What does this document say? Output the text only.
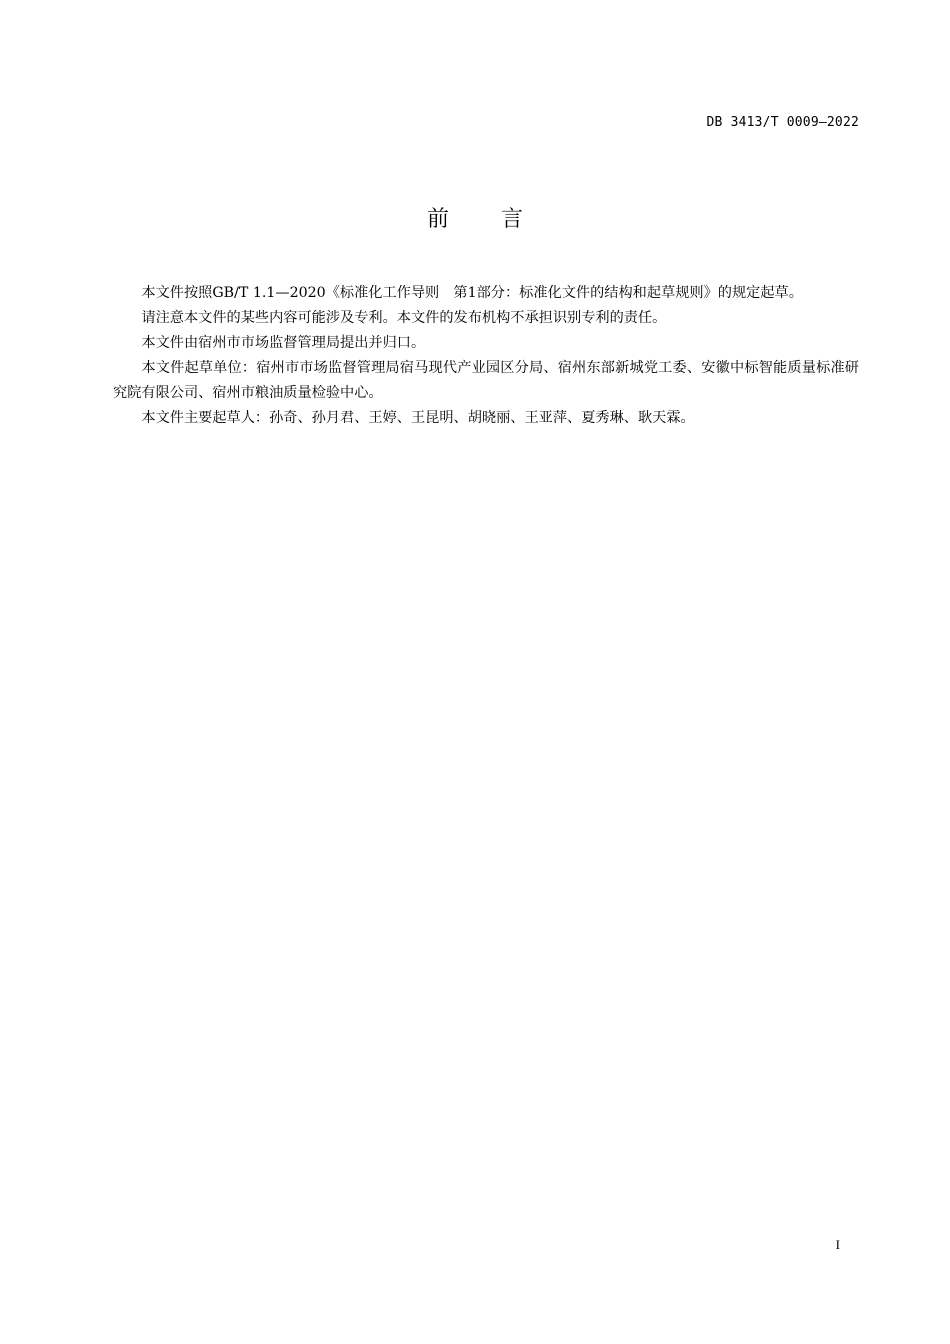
DB 3413/T 0009—2022
前言

本文件按照GB/T 1.1—2020《标准化工作导则　第1部分：标准化文件的结构和起草规则》的规定起草。

请注意本文件的某些内容可能涉及专利。本文件的发布机构不承担识别专利的责任。

本文件由宿州市市场监督管理局提出并归口。

本文件起草单位：宿州市市场监督管理局宿马现代产业园区分局、宿州东部新城党工委、安徽中标智能质量标准研究院有限公司、宿州市粮油质量检验中心。

本文件主要起草人：孙奇、孙月君、王婷、王昆明、胡晓丽、王亚萍、夏秀琳、耿天霖。

I
